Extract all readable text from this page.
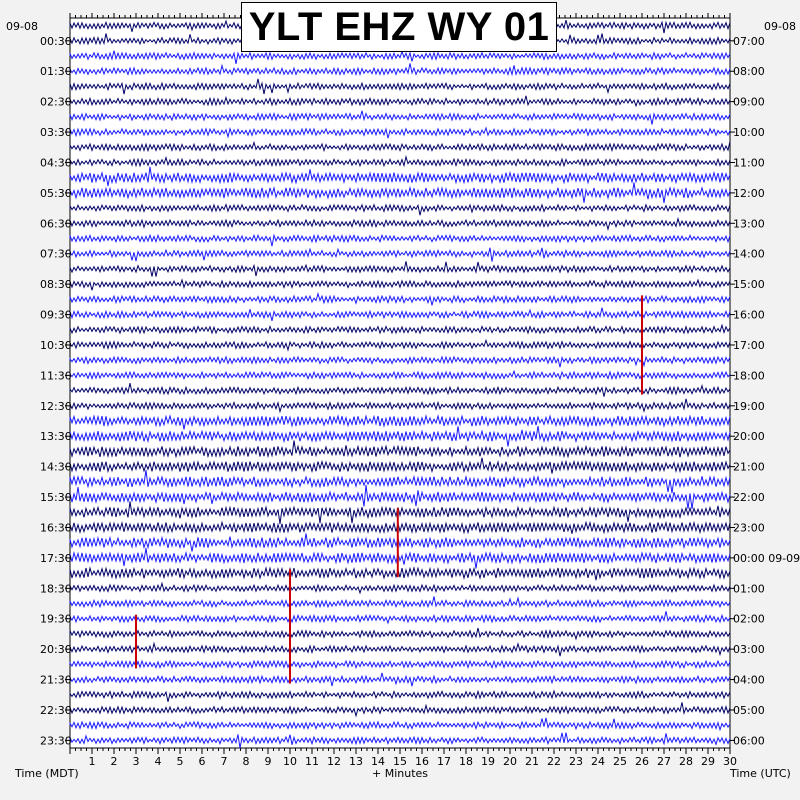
1 2 3 4 5 6 7 8 9 10 11 12 13 14 15 16 17 18 19 20 21 22 23 24 25 26 27 28 29 30
00:30	07:00
01:30	08:00
02:30	09:00
03:30	10:00
04:30	11:00
05:30	12:00
06:30	13:00
07:30	14:00
08:30	15:00
09:30	16:00
10:30	17:00
11:30	18:00
12:30	19:00
13:30	20:00
14:30	21:00
15:30	22:00
16:30	23:00
17:30	00:00 09-09
18:30	01:00
19:30	02:00
20:30	03:00
21:30	04:00
22:30	05:00
23:30	06:00
09-08	09-08
Time (MDT)	Time (UTC)
+ Minutes
YLT EHZ WY 01
